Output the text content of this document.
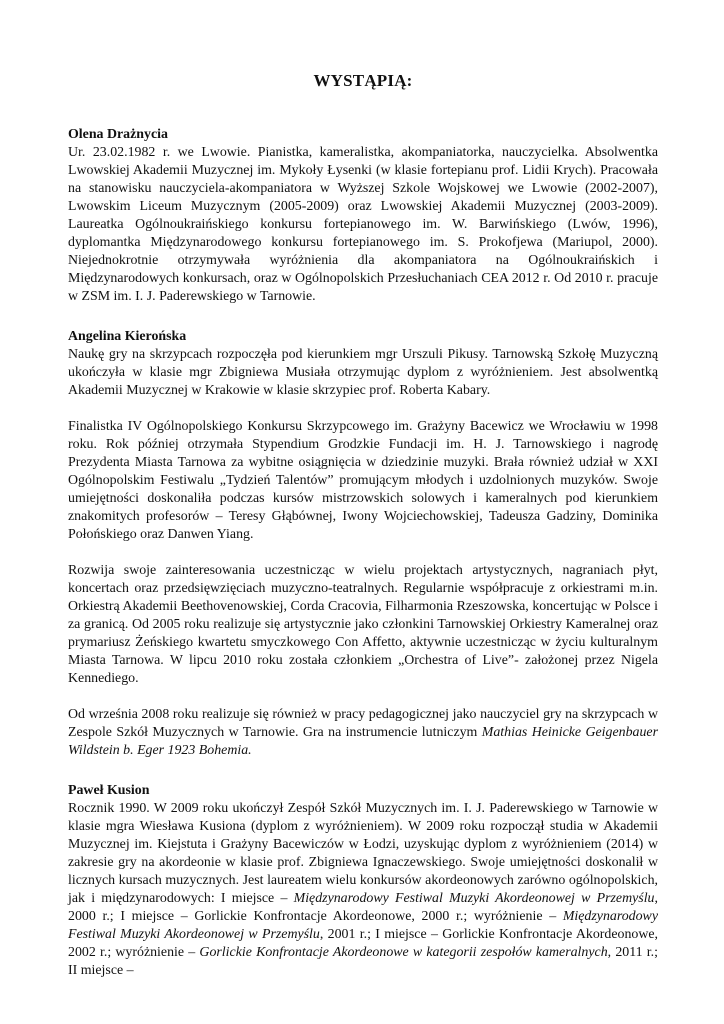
WYSTĄPIĄ:
Olena Drażnycia

Ur. 23.02.1982 r. we Lwowie. Pianistka, kameralistka, akompaniatorka, nauczycielka. Absolwentka Lwowskiej Akademii Muzycznej im. Mykoły Łysenki (w klasie fortepianu prof. Lidii Krych). Pracowała na stanowisku nauczyciela-akompaniatora w Wyższej Szkole Wojskowej we Lwowie (2002-2007), Lwowskim Liceum Muzycznym (2005-2009) oraz Lwowskiej Akademii Muzycznej (2003-2009). Laureatka Ogólnoukraińskiego konkursu fortepianowego im. W. Barwińskiego (Lwów, 1996), dyplomantka Międzynarodowego konkursu fortepianowego im. S. Prokofjewa (Mariupol, 2000). Niejednokrotnie otrzymywała wyróżnienia dla akompaniatora na Ogólnoukraińskich i Międzynarodowych konkursach, oraz w Ogólnopolskich Przesłuchaniach CEA 2012 r. Od 2010 r. pracuje w ZSM im. I. J. Paderewskiego w Tarnowie.

Angelina Kierońska

Naukę gry na skrzypcach rozpoczęła pod kierunkiem mgr Urszuli Pikusy. Tarnowską Szkołę Muzyczną ukończyła w klasie mgr Zbigniewa Musiała otrzymując dyplom z wyróżnieniem. Jest absolwentką Akademii Muzycznej w Krakowie w klasie skrzypiec prof. Roberta Kabary.

Finalistka IV Ogólnopolskiego Konkursu Skrzypcowego im. Grażyny Bacewicz we Wrocławiu w 1998 roku. Rok później otrzymała Stypendium Grodzkie Fundacji im. H. J. Tarnowskiego i nagrodę Prezydenta Miasta Tarnowa za wybitne osiągnięcia w dziedzinie muzyki. Brała również udział w XXI Ogólnopolskim Festiwalu „Tydzień Talentów” promującym młodych i uzdolnionych muzyków. Swoje umiejętności doskonaliła podczas kursów mistrzowskich solowych i kameralnych pod kierunkiem znakomitych profesorów – Teresy Głąbównej, Iwony Wojciechowskiej, Tadeusza Gadziny, Dominika Połońskiego oraz Danwen Yiang.

Rozwija swoje zainteresowania uczestnicząc w wielu projektach artystycznych, nagraniach płyt, koncertach oraz przedsięwzięciach muzyczno-teatralnych. Regularnie współpracuje z orkiestrami m.in. Orkiestrą Akademii Beethovenowskiej, Corda Cracovia, Filharmonia Rzeszowska, koncertując w Polsce i za granicą. Od 2005 roku realizuje się artystycznie jako członkini Tarnowskiej Orkiestry Kameralnej oraz prymariusz Żeńskiego kwartetu smyczkowego Con Affetto, aktywnie uczestnicząc w życiu kulturalnym Miasta Tarnowa. W lipcu 2010 roku została członkiem „Orchestra of Live”- założonej przez Nigela Kennediego.

Od września 2008 roku realizuje się również w pracy pedagogicznej jako nauczyciel gry na skrzypcach w Zespole Szkół Muzycznych w Tarnowie. Gra na instrumencie lutniczym Mathias Heinicke Geigenbauer Wildstein b. Eger 1923 Bohemia.

Paweł Kusion

Rocznik 1990. W 2009 roku ukończył Zespół Szkół Muzycznych im. I. J. Paderewskiego w Tarnowie w klasie mgra Wiesława Kusiona (dyplom z wyróżnieniem). W 2009 roku rozpoczął studia w Akademii Muzycznej im. Kiejstuta i Grażyny Bacewiczów w Łodzi, uzyskując dyplom z wyróżnieniem (2014) w zakresie gry na akordeonie w klasie prof. Zbigniewa Ignaczewskiego. Swoje umiejętności doskonalił w licznych kursach muzycznych. Jest laureatem wielu konkursów akordeonowych zarówno ogólnopolskich, jak i międzynarodowych: I miejsce – Międzynarodowy Festiwal Muzyki Akordeonowej w Przemyślu, 2000 r.; I miejsce – Gorlickie Konfrontacje Akordeonowe, 2000 r.; wyróżnienie – Międzynarodowy Festiwal Muzyki Akordeonowej w Przemyślu, 2001 r.; I miejsce – Gorlickie Konfrontacje Akordeonowe, 2002 r.; wyróżnienie – Gorlickie Konfrontacje Akordeonowe w kategorii zespołów kameralnych, 2011 r.; II miejsce –
